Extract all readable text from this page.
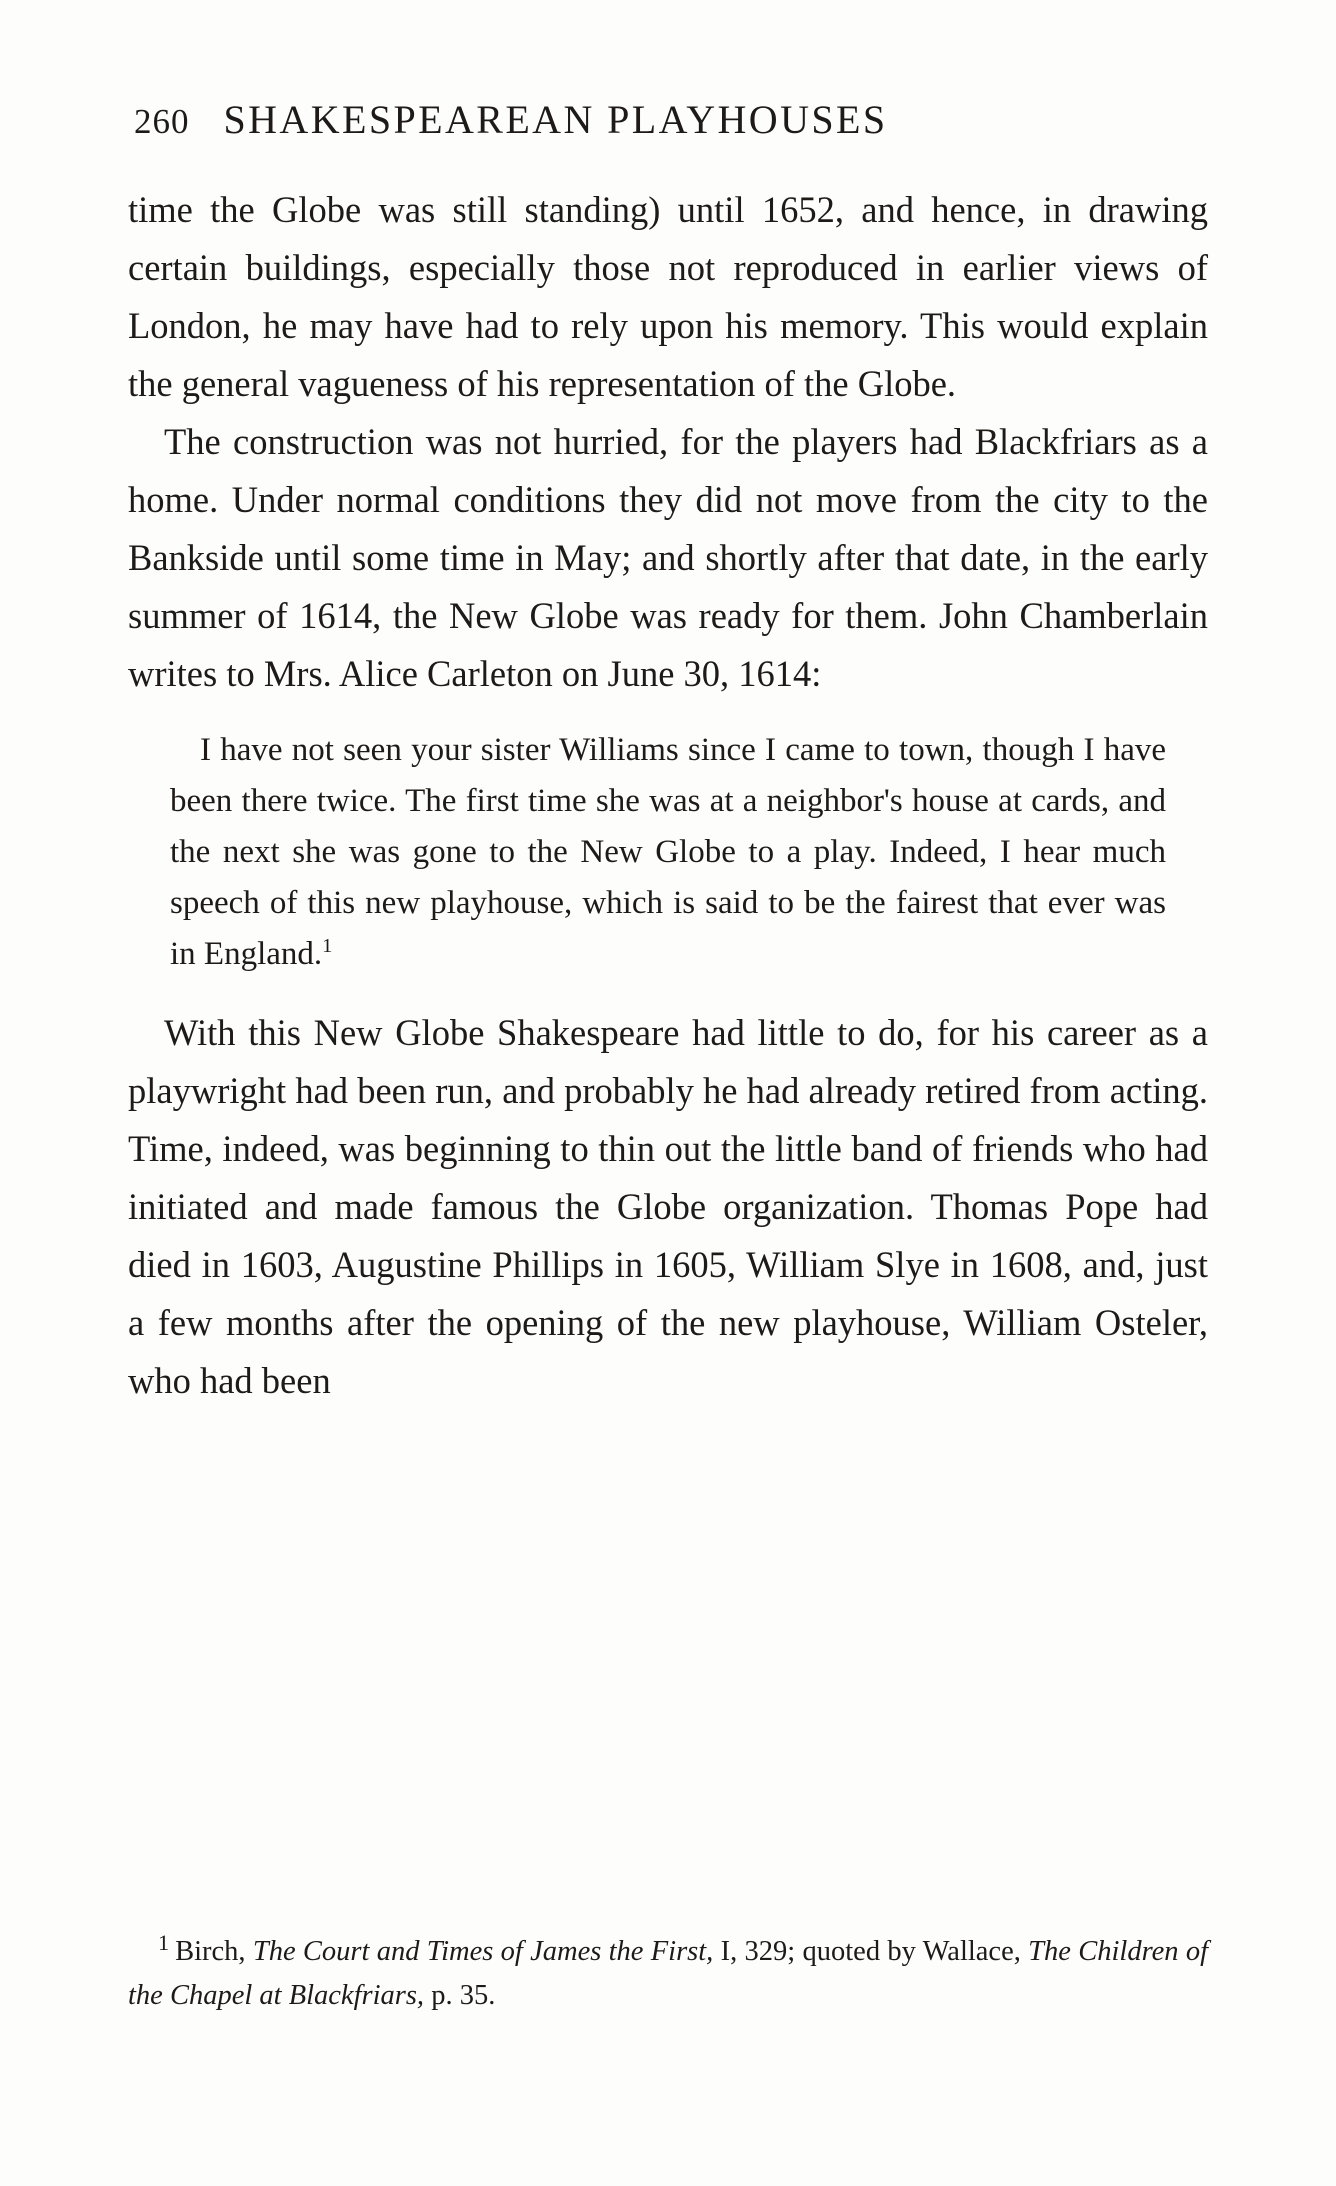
260 SHAKESPEAREAN PLAYHOUSES

time the Globe was still standing) until 1652, and hence, in drawing certain buildings, especially those not reproduced in earlier views of London, he may have had to rely upon his memory. This would explain the general vagueness of his representation of the Globe.

The construction was not hurried, for the players had Blackfriars as a home. Under normal conditions they did not move from the city to the Bankside until some time in May; and shortly after that date, in the early summer of 1614, the New Globe was ready for them. John Chamberlain writes to Mrs. Alice Carleton on June 30, 1614:

I have not seen your sister Williams since I came to town, though I have been there twice. The first time she was at a neighbor's house at cards, and the next she was gone to the New Globe to a play. Indeed, I hear much speech of this new playhouse, which is said to be the fairest that ever was in England.$^1$

With this New Globe Shakespeare had little to do, for his career as a playwright had been run, and probably he had already retired from acting. Time, indeed, was beginning to thin out the little band of friends who had initiated and made famous the Globe organization. Thomas Pope had died in 1603, Augustine Phillips in 1605, William Slye in 1608, and, just a few months after the opening of the new playhouse, William Osteler, who had been

$^1$ Birch, The Court and Times of James the First, I, 329; quoted by Wallace, The Children of the Chapel at Blackfriars, p. 35.
